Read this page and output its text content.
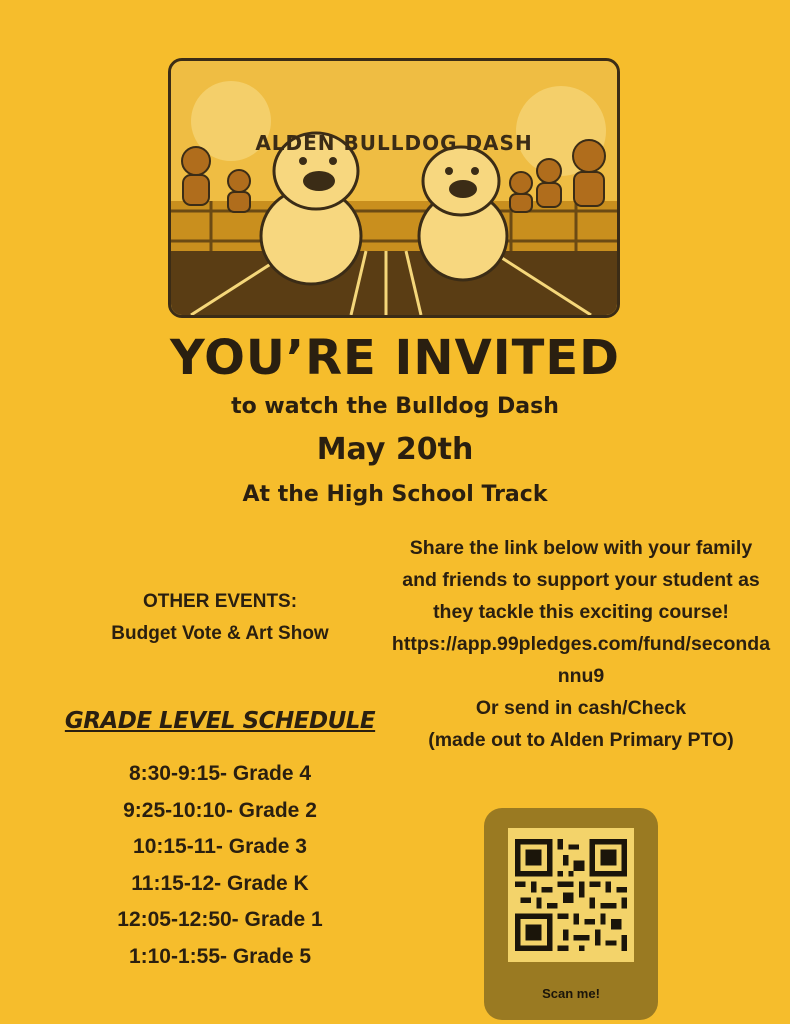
ALDEN BULLDOG DASH
YOU’RE INVITED
to watch the Bulldog Dash
May 20th
At the High School Track
OTHER EVENTS:
Budget Vote & Art Show
GRADE LEVEL SCHEDULE
8:30-9:15- Grade 4
9:25-10:10- Grade 2
10:15-11- Grade 3
11:15-12- Grade K
12:05-12:50- Grade 1
1:10-1:55- Grade 5

Share the link below with your family and friends to support your student as they tackle this exciting course!

https://app.99pledges.com/fund/secondannu9

Or send in cash/Check

(made out to Alden Primary PTO)

Scan me!
